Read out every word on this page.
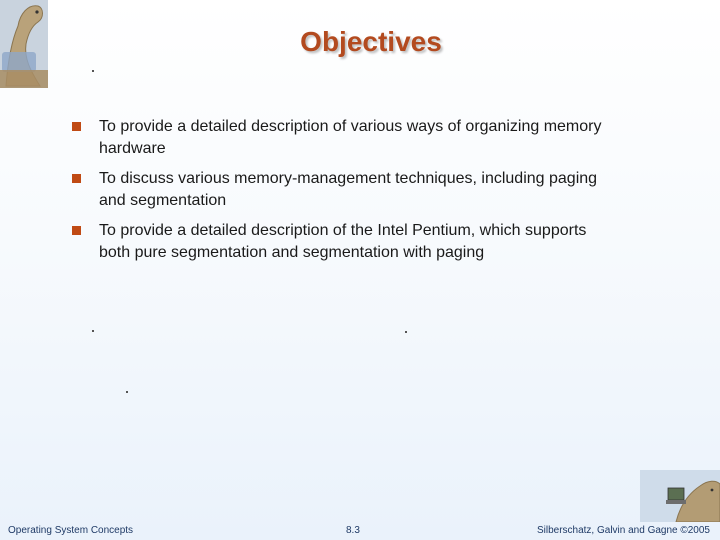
Objectives
To provide a detailed description of various ways of organizing memory hardware
To discuss various memory-management techniques, including paging and segmentation
To provide a detailed description of the Intel Pentium, which supports both pure segmentation and segmentation with paging
Operating System Concepts	8.3	Silberschatz, Galvin and Gagne ©2005
